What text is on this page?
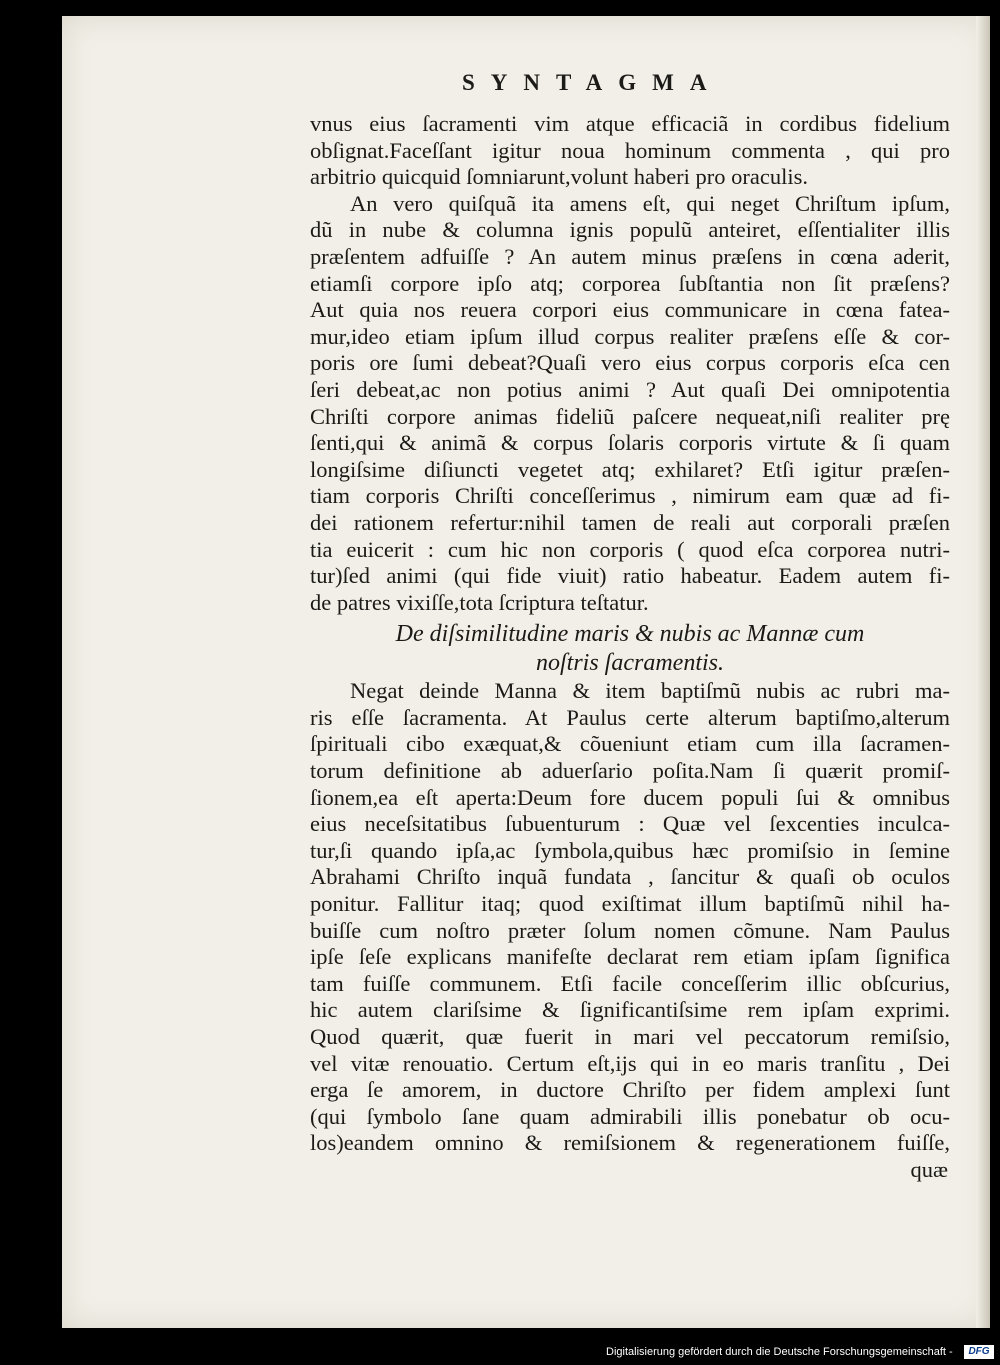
SYNTAGMA
vnus eius ſacramenti vim atque efficaciã in cordibus fidelium
obſignat.Faceſſant igitur noua hominum commenta , qui pro
arbitrio quicquid ſomniarunt,volunt haberi pro oraculis.
An vero quiſquã ita amens eſt, qui neget Chriſtum ipſum,
dũ in nube & columna ignis populũ anteiret, eſſentialiter illis
præſentem adfuiſſe ? An autem minus præſens in cœna aderit,
etiamſi corpore ipſo atq; corporea ſubſtantia non ſit præſens?
Aut quia nos reuera corpori eius communicare in cœna fatea-
mur,ideo etiam ipſum illud corpus realiter præſens eſſe & cor-
poris ore ſumi debeat?Quaſi vero eius corpus corporis eſca cen
ſeri debeat,ac non potius animi ? Aut quaſi Dei omnipotentia
Chriſti corpore animas fideliũ paſcere nequeat,niſi realiter prę
ſenti,qui & animã & corpus ſolaris corporis virtute & ſi quam
longiſsime diſiuncti vegetet atq; exhilaret? Etſi igitur præſen-
tiam corporis Chriſti conceſſerimus , nimirum eam quæ ad fi-
dei rationem refertur:nihil tamen de reali aut corporali præſen
tia euicerit : cum hic non corporis ( quod eſca corporea nutri-
tur)ſed animi (qui fide viuit) ratio habeatur. Eadem autem fi-
de patres vixiſſe,tota ſcriptura teſtatur.
De diſsimilitudine maris & nubis ac Mannæ cum
noſtris ſacramentis.
Negat deinde Manna & item baptiſmũ nubis ac rubri ma-
ris eſſe ſacramenta. At Paulus certe alterum baptiſmo,alterum
ſpirituali cibo exæquat,& cõueniunt etiam cum illa ſacramen-
torum definitione ab aduerſario poſita.Nam ſi quærit promiſ-
ſionem,ea eſt aperta:Deum fore ducem populi ſui & omnibus
eius neceſsitatibus ſubuenturum : Quæ vel ſexcenties inculca-
tur,ſi quando ipſa,ac ſymbola,quibus hæc promiſsio in ſemine
Abrahami Chriſto inquã fundata , ſancitur & quaſi ob oculos
ponitur. Fallitur itaq; quod exiſtimat illum baptiſmũ nihil ha-
buiſſe cum noſtro præter ſolum nomen cõmune. Nam Paulus
ipſe ſeſe explicans manifeſte declarat rem etiam ipſam ſignifica
tam fuiſſe communem. Etſi facile conceſſerim illic obſcurius,
hic autem clariſsime & ſignificantiſsime rem ipſam exprimi.
Quod quærit, quæ fuerit in mari vel peccatorum remiſsio,
vel vitæ renouatio. Certum eſt,ijs qui in eo maris tranſitu , Dei
erga ſe amorem, in ductore Chriſto per fidem amplexi ſunt
(qui ſymbolo ſane quam admirabili illis ponebatur ob ocu-
los)eandem omnino & remiſsionem & regenerationem fuiſſe,
quæ
Digitalisierung gefördert durch die Deutsche Forschungsgemeinschaft -	DFG
